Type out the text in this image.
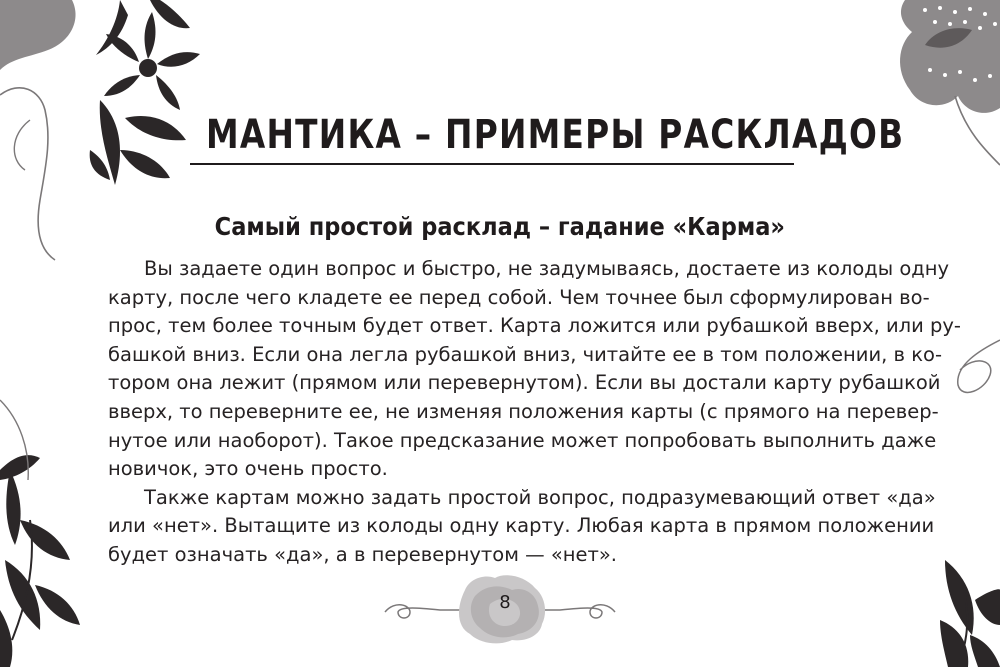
МАНТИКА – ПРИМЕРЫ РАСКЛАДОВ
Самый простой расклад – гадание «Карма»
Вы задаете один вопрос и быстро, не задумываясь, достаете из колоды одну
карту, после чего кладете ее перед собой. Чем точнее был сформулирован во-
прос, тем более точным будет ответ. Карта ложится или рубашкой вверх, или ру-
башкой вниз. Если она легла рубашкой вниз, читайте ее в том положении, в ко-
тором она лежит (прямом или перевернутом). Если вы достали карту рубашкой
вверх, то переверните ее, не изменяя положения карты (с прямого на перевер-
нутое или наоборот). Такое предсказание может попробовать выполнить даже
новичок, это очень просто.
Также картам можно задать простой вопрос, подразумевающий ответ «да»
или «нет». Вытащите из колоды одну карту. Любая карта в прямом положении
будет означать «да», а в перевернутом — «нет».
8
